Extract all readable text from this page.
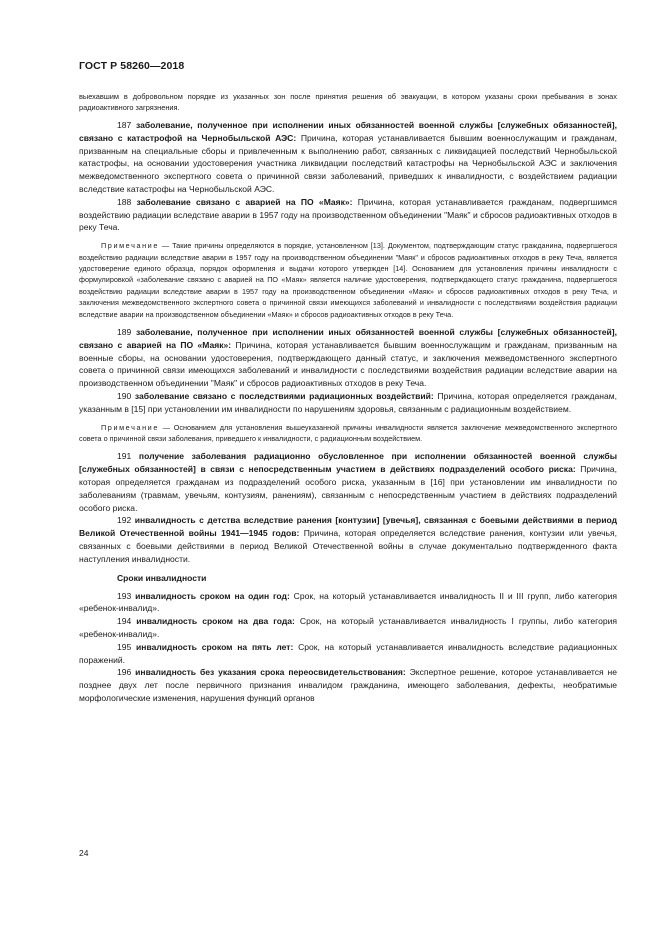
ГОСТ Р 58260—2018

выехавшим в добровольном порядке из указанных зон после принятия решения об эвакуации, в котором указаны сроки пребывания в зонах радиоактивного загрязнения.

187 заболевание, полученное при исполнении иных обязанностей военной службы [служебных обязанностей], связано с катастрофой на Чернобыльской АЭС: Причина, которая устанавливается бывшим военнослужащим и гражданам, призванным на специальные сборы и привлеченным к выполнению работ, связанных с ликвидацией последствий Чернобыльской катастрофы, на основании удостоверения участника ликвидации последствий катастрофы на Чернобыльской АЭС и заключения межведомственного экспертного совета о причинной связи заболеваний, приведших к инвалидности, с воздействием радиации вследствие катастрофы на Чернобыльской АЭС.

188 заболевание связано с аварией на ПО «Маяк»: Причина, которая устанавливается гражданам, подвергшимся воздействию радиации вследствие аварии в 1957 году на производственном объединении "Маяк" и сбросов радиоактивных отходов в реку Теча.

Примечание — Такие причины определяются в порядке, установленном [13]. Документом, подтверждающим статус гражданина, подвергшегося воздействию радиации вследствие аварии в 1957 году на производственном объединении "Маяк" и сбросов радиоактивных отходов в реку Теча, является удостоверение единого образца, порядок оформления и выдачи которого утвержден [14]. Основанием для установления причины инвалидности с формулировкой «заболевание связано с аварией на ПО «Маяк» является наличие удостоверения, подтверждающего статус гражданина, подвергшегося воздействию радиации вследствие аварии в 1957 году на производственном объединении «Маяк» и сбросов радиоактивных отходов в реку Теча, и заключения межведомственного экспертного совета о причинной связи имеющихся заболеваний и инвалидности с последствиями воздействия радиации вследствие аварии на производственном объединении «Маяк» и сбросов радиоактивных отходов в реку Теча.

189 заболевание, полученное при исполнении иных обязанностей военной службы [служебных обязанностей], связано с аварией на ПО «Маяк»: Причина, которая устанавливается бывшим военнослужащим и гражданам, призванным на военные сборы, на основании удостоверения, подтверждающего данный статус, и заключения межведомственного экспертного совета о причинной связи имеющихся заболеваний и инвалидности с последствиями воздействия радиации вследствие аварии на производственном объединении "Маяк" и сбросов радиоактивных отходов в реку Теча.

190 заболевание связано с последствиями радиационных воздействий: Причина, которая определяется гражданам, указанным в [15] при установлении им инвалидности по нарушениям здоровья, связанным с радиационным воздействием.

Примечание — Основанием для установления вышеуказанной причины инвалидности является заключение межведомственного экспертного совета о причинной связи заболевания, приведшего к инвалидности, с радиационным воздействием.

191 получение заболевания радиационно обусловленное при исполнении обязанностей военной службы [служебных обязанностей] в связи с непосредственным участием в действиях подразделений особого риска: Причина, которая определяется гражданам из подразделений особого риска, указанным в [16] при установлении им инвалидности по заболеваниям (травмам, увечьям, контузиям, ранениям), связанным с непосредственным участием в действиях подразделений особого риска.

192 инвалидность с детства вследствие ранения [контузии] [увечья], связанная с боевыми действиями в период Великой Отечественной войны 1941—1945 годов: Причина, которая определяется вследствие ранения, контузии или увечья, связанных с боевыми действиями в период Великой Отечественной войны в случае документально подтвержденного факта наступления инвалидности.

Сроки инвалидности

193 инвалидность сроком на один год: Срок, на который устанавливается инвалидность II и III групп, либо категория «ребенок-инвалид».

194 инвалидность сроком на два года: Срок, на который устанавливается инвалидность I группы, либо категория «ребенок-инвалид».

195 инвалидность сроком на пять лет: Срок, на который устанавливается инвалидность вследствие радиационных поражений.

196 инвалидность без указания срока переосвидетельствования: Экспертное решение, которое устанавливается не позднее двух лет после первичного признания инвалидом гражданина, имеющего заболевания, дефекты, необратимые морфологические изменения, нарушения функций органов

24
